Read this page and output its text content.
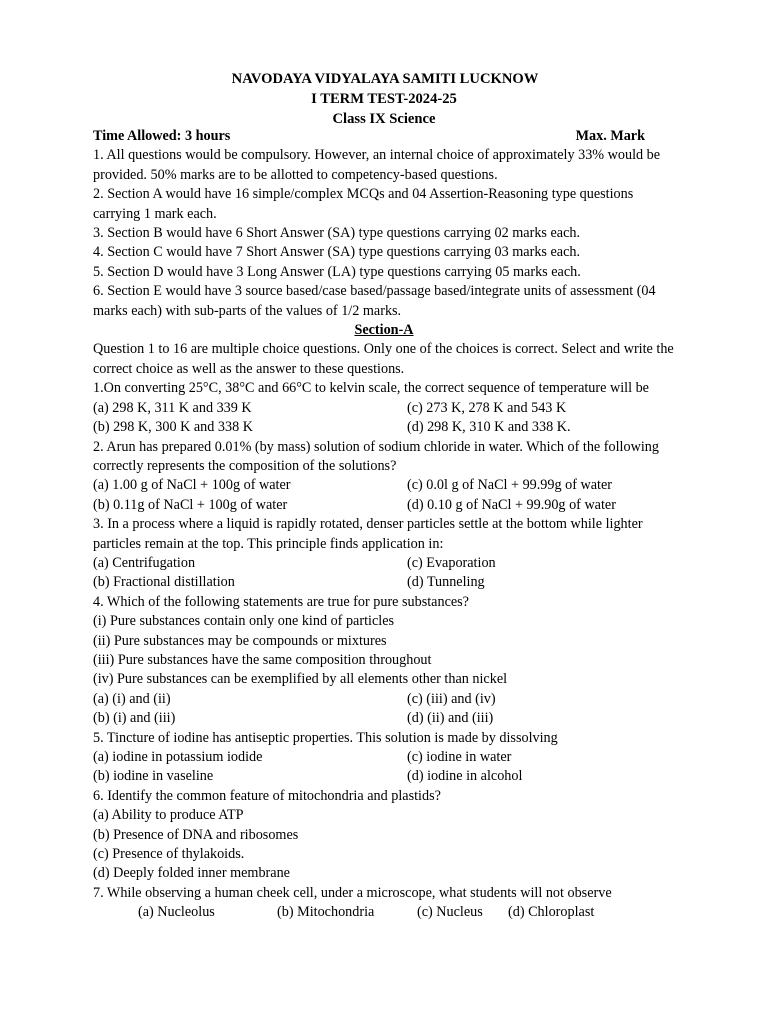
NAVODAYA VIDYALAYA SAMITI LUCKNOW
I TERM TEST-2024-25
Class IX Science
Time Allowed: 3 hours	Max. Mark
1. All questions would be compulsory. However, an internal choice of approximately 33% would be provided. 50% marks are to be allotted to competency-based questions.
2. Section A would have 16 simple/complex MCQs and 04 Assertion-Reasoning type questions carrying 1 mark each.
3. Section B would have 6 Short Answer (SA) type questions carrying 02 marks each.
4. Section C would have 7 Short Answer (SA) type questions carrying 03 marks each.
5. Section D would have 3 Long Answer (LA) type questions carrying 05 marks each.
6. Section E would have 3 source based/case based/passage based/integrate units of assessment (04 marks each) with sub-parts of the values of 1/2 marks.
Section-A
Question 1 to 16 are multiple choice questions. Only one of the choices is correct. Select and write the correct choice as well as the answer to these questions.
1.On converting 25°C, 38°C and 66°C to kelvin scale, the correct sequence of temperature will be
(a) 298 K, 311 K and 339 K	(c) 273 K, 278 K and 543 K
(b) 298 K, 300 K and 338 K	(d) 298 K, 310 K and 338 K.
2. Arun has prepared 0.01% (by mass) solution of sodium chloride in water. Which of the following correctly represents the composition of the solutions?
(a) 1.00 g of NaCl + 100g of water	(c) 0.0l g of NaCl + 99.99g of water
(b) 0.11g of NaCl + 100g of water	(d) 0.10 g of NaCl + 99.90g of water
3. In a process where a liquid is rapidly rotated, denser particles settle at the bottom while lighter particles remain at the top. This principle finds application in:
(a) Centrifugation	(c) Evaporation
(b) Fractional distillation	(d) Tunneling
4. Which of the following statements are true for pure substances?
(i) Pure substances contain only one kind of particles
(ii) Pure substances may be compounds or mixtures
(iii) Pure substances have the same composition throughout
(iv) Pure substances can be exemplified by all elements other than nickel
(a) (i) and (ii)	(c) (iii) and (iv)
(b) (i) and (iii)	(d) (ii) and (iii)
5. Tincture of iodine has antiseptic properties. This solution is made by dissolving
(a) iodine in potassium iodide	(c) iodine in water
(b) iodine in vaseline	(d) iodine in alcohol
6. Identify the common feature of mitochondria and plastids?
(a) Ability to produce ATP
(b) Presence of DNA and ribosomes
(c) Presence of thylakoids.
(d) Deeply folded inner membrane
7. While observing a human cheek cell, under a microscope, what students will not observe
(a) Nucleolus	(b) Mitochondria	(c) Nucleus	(d) Chloroplast
